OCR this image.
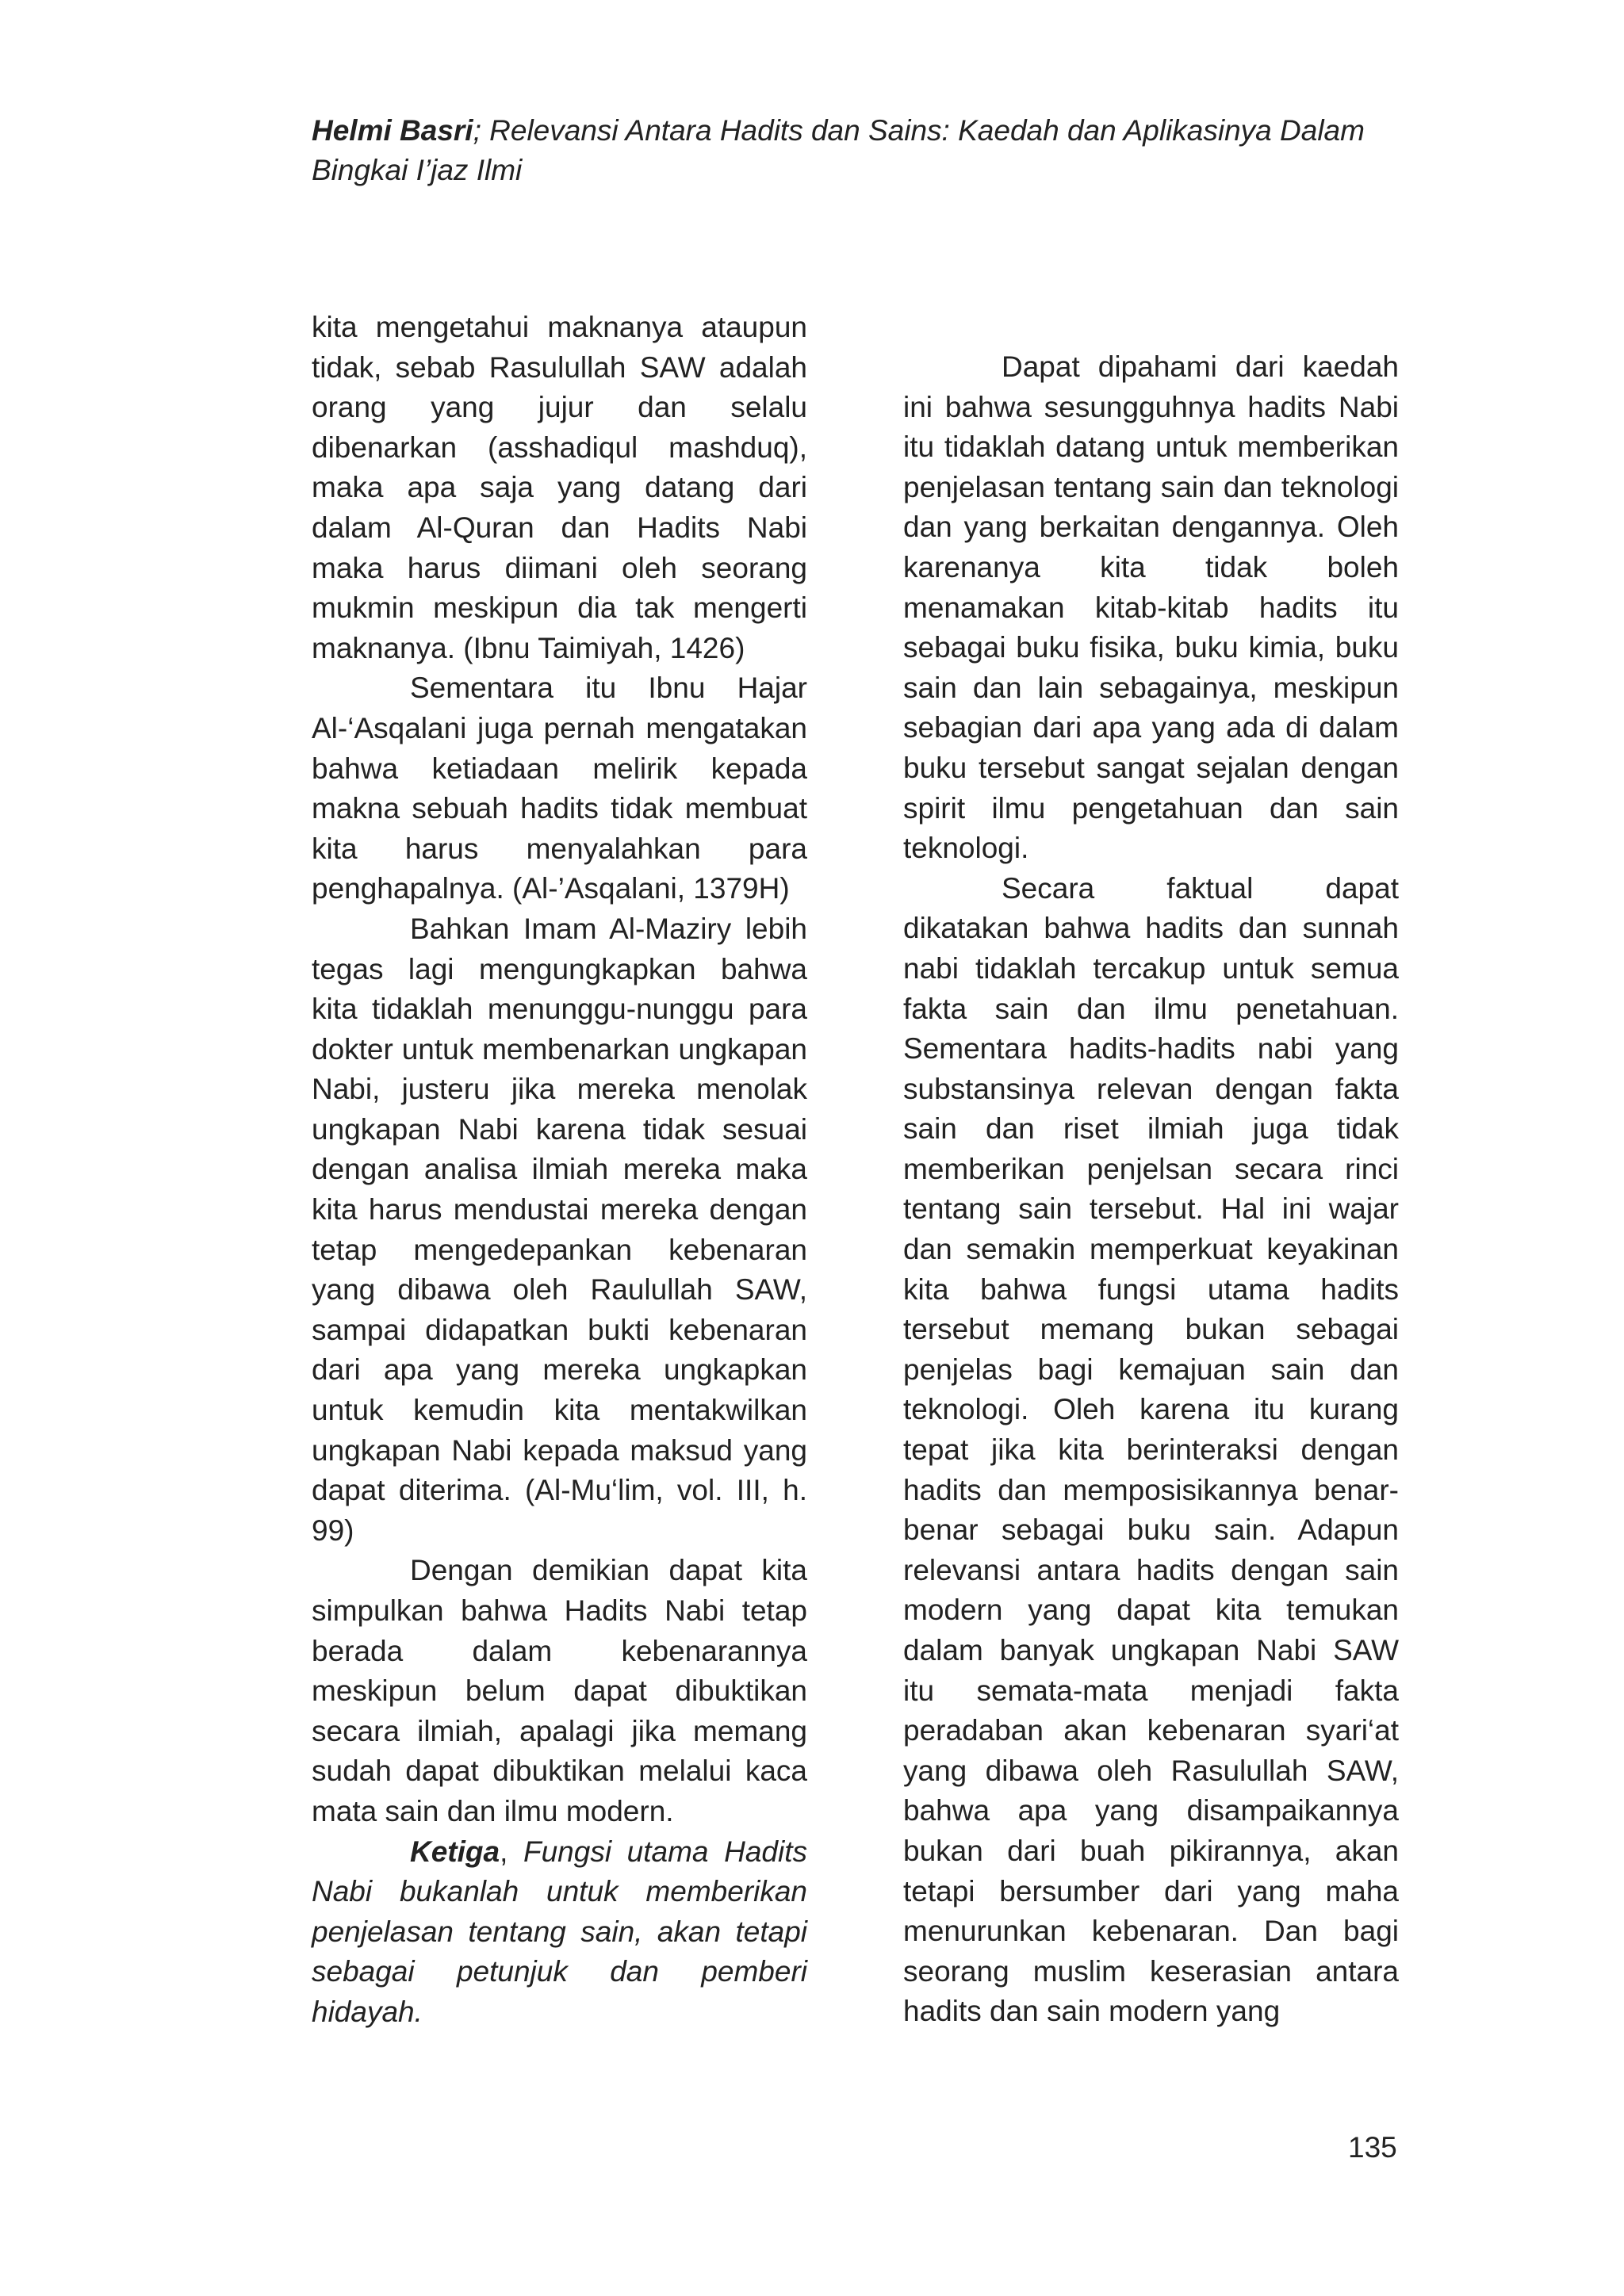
Helmi Basri; Relevansi Antara Hadits dan Sains: Kaedah dan Aplikasinya Dalam Bingkai I’jaz Ilmi

kita mengetahui maknanya ataupun tidak, sebab Rasulullah SAW adalah orang yang jujur dan selalu dibenarkan (asshadiqul mashduq), maka apa saja yang datang dari dalam Al-Quran dan Hadits Nabi maka harus diimani oleh seorang mukmin meskipun dia tak mengerti maknanya. (Ibnu Taimiyah, 1426)

Sementara itu Ibnu Hajar Al-‘Asqalani juga pernah mengatakan bahwa ketiadaan melirik kepada makna sebuah hadits tidak membuat kita harus menyalahkan para penghapalnya. (Al-’Asqalani, 1379H)

Bahkan Imam Al-Maziry lebih tegas lagi mengungkapkan bahwa kita tidaklah menunggu-nunggu para dokter untuk membenarkan ungkapan Nabi, justeru jika mereka menolak ungkapan Nabi karena tidak sesuai dengan analisa ilmiah mereka maka kita harus mendustai mereka dengan tetap mengedepankan kebenaran yang dibawa oleh Raulullah SAW, sampai didapatkan bukti kebenaran dari apa yang mereka ungkapkan untuk kemudin kita mentakwilkan ungkapan Nabi kepada maksud yang dapat diterima. (Al-Mu‘lim, vol. III, h. 99)

Dengan demikian dapat kita simpulkan bahwa Hadits Nabi tetap berada dalam kebenarannya meskipun belum dapat dibuktikan secara ilmiah, apalagi jika memang sudah dapat dibuktikan melalui kaca mata sain dan ilmu modern.

Ketiga, Fungsi utama Hadits Nabi bukanlah untuk memberikan penjelasan tentang sain, akan tetapi sebagai petunjuk dan pemberi hidayah.

Dapat dipahami dari kaedah ini bahwa sesungguhnya hadits Nabi itu tidaklah datang untuk memberikan penjelasan tentang sain dan teknologi dan yang berkaitan dengannya. Oleh karenanya kita tidak boleh menamakan kitab-kitab hadits itu sebagai buku fisika, buku kimia, buku sain dan lain sebagainya, meskipun sebagian dari apa yang ada di dalam buku tersebut sangat sejalan dengan spirit ilmu pengetahuan dan sain teknologi.

Secara faktual dapat dikatakan bahwa hadits dan sunnah nabi tidaklah tercakup untuk semua fakta sain dan ilmu penetahuan. Sementara hadits-hadits nabi yang substansinya relevan dengan fakta sain dan riset ilmiah juga tidak memberikan penjelsan secara rinci tentang sain tersebut. Hal ini wajar dan semakin memperkuat keyakinan kita bahwa fungsi utama hadits tersebut memang bukan sebagai penjelas bagi kemajuan sain dan teknologi. Oleh karena itu kurang tepat jika kita berinteraksi dengan hadits dan memposisikannya benar-benar sebagai buku sain. Adapun relevansi antara hadits dengan sain modern yang dapat kita temukan dalam banyak ungkapan Nabi SAW itu semata-mata menjadi fakta peradaban akan kebenaran syari‘at yang dibawa oleh Rasulullah SAW, bahwa apa yang disampaikannya bukan dari buah pikirannya, akan tetapi bersumber dari yang maha menurunkan kebenaran. Dan bagi seorang muslim keserasian antara hadits dan sain modern yang

135
